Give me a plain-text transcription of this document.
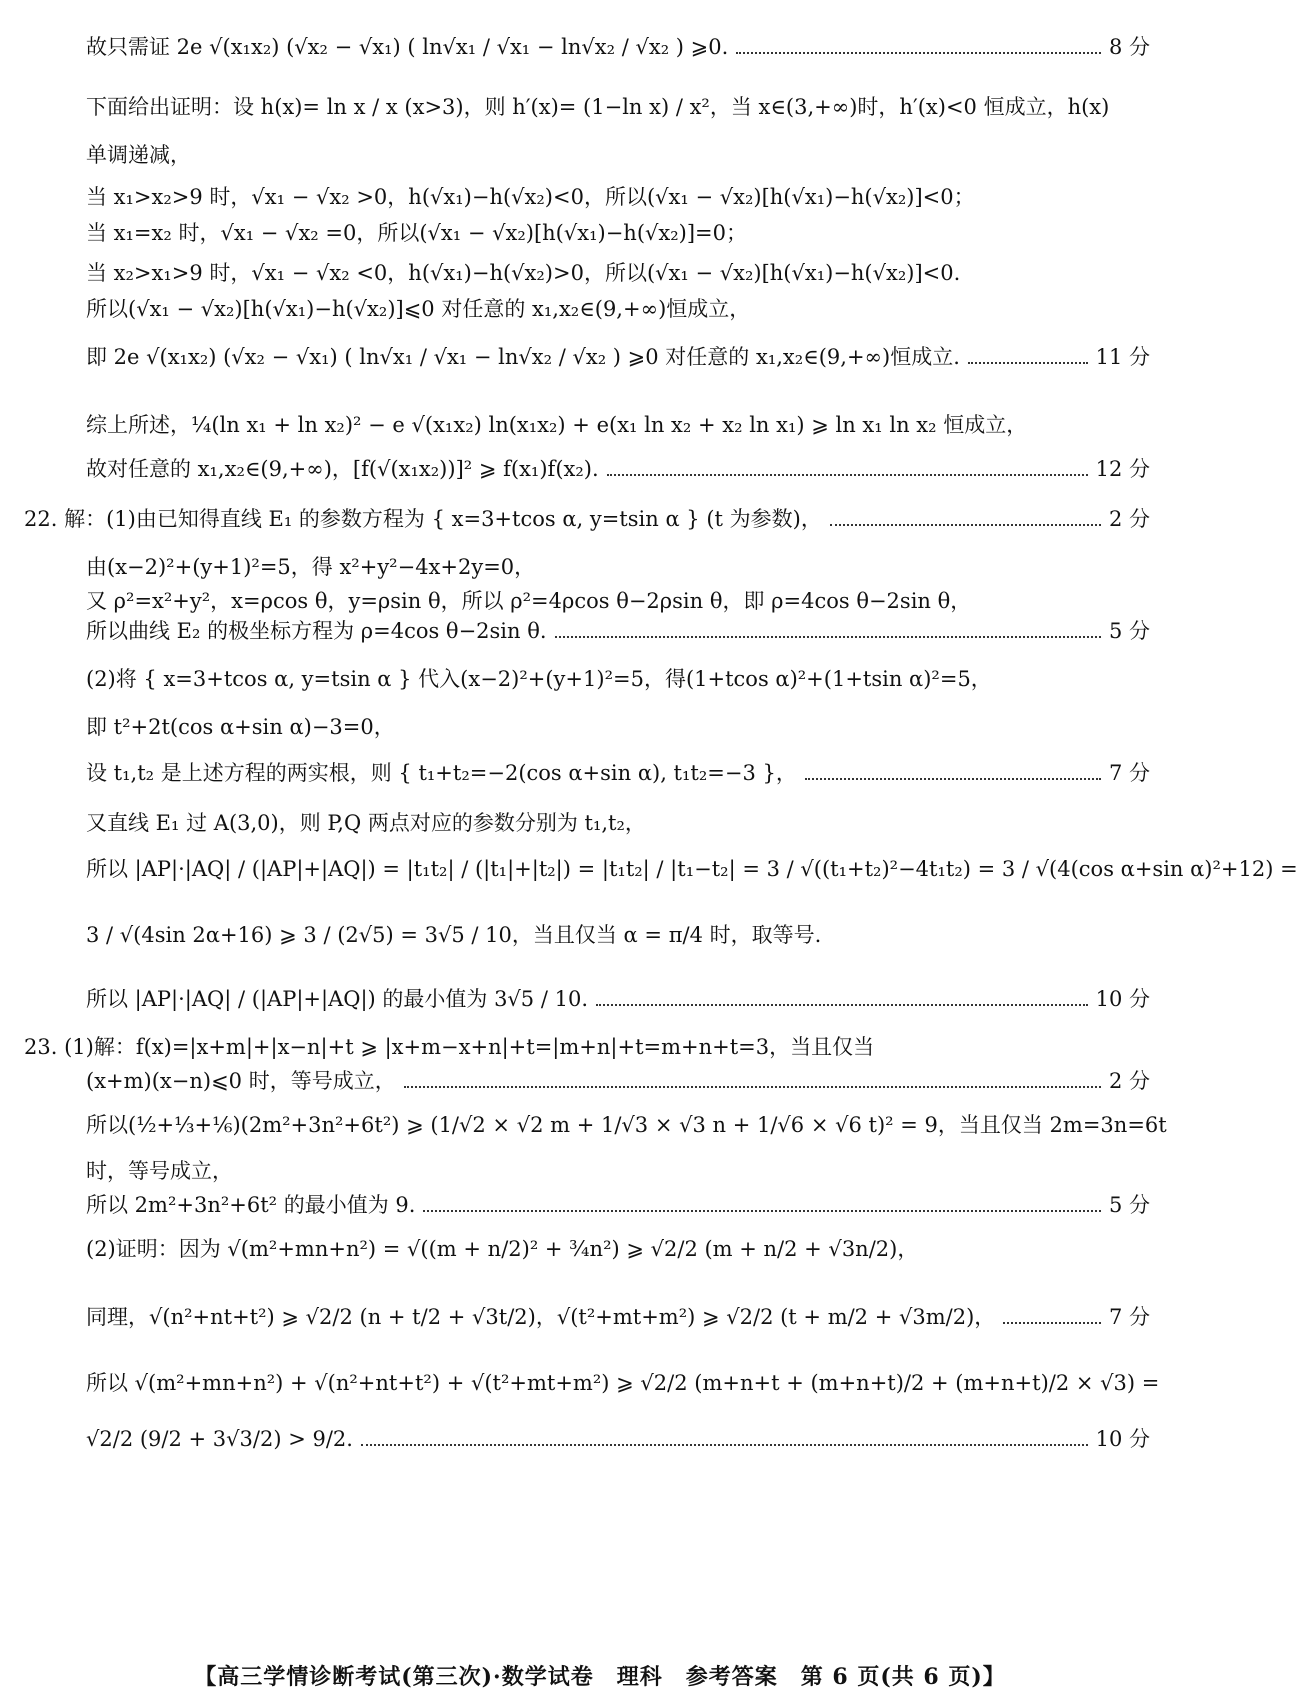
故只需证 2e √(x₁x₂) (√x₂ − √x₁) ( ln√x₁ / √x₁ − ln√x₂ / √x₂ ) ⩾0.	8 分
下面给出证明：设 h(x)= ln x / x (x>3)，则 h′(x)= (1−ln x) / x²，当 x∈(3,+∞)时，h′(x)<0 恒成立，h(x)
单调递减，
当 x₁>x₂>9 时，√x₁ − √x₂ >0，h(√x₁)−h(√x₂)<0，所以(√x₁ − √x₂)[h(√x₁)−h(√x₂)]<0；
当 x₁=x₂ 时，√x₁ − √x₂ =0，所以(√x₁ − √x₂)[h(√x₁)−h(√x₂)]=0；
当 x₂>x₁>9 时，√x₁ − √x₂ <0，h(√x₁)−h(√x₂)>0，所以(√x₁ − √x₂)[h(√x₁)−h(√x₂)]<0.
所以(√x₁ − √x₂)[h(√x₁)−h(√x₂)]⩽0 对任意的 x₁,x₂∈(9,+∞)恒成立，
即 2e √(x₁x₂) (√x₂ − √x₁) ( ln√x₁ / √x₁ − ln√x₂ / √x₂ ) ⩾0 对任意的 x₁,x₂∈(9,+∞)恒成立.	11 分
综上所述，¼(ln x₁ + ln x₂)² − e √(x₁x₂) ln(x₁x₂) + e(x₁ ln x₂ + x₂ ln x₁) ⩾ ln x₁ ln x₂ 恒成立，
故对任意的 x₁,x₂∈(9,+∞)，[f(√(x₁x₂))]² ⩾ f(x₁)f(x₂).	12 分
22. 解：(1)由已知得直线 E₁ 的参数方程为 { x=3+tcos α, y=tsin α } (t 为参数)，	2 分
由(x−2)²+(y+1)²=5，得 x²+y²−4x+2y=0，
又 ρ²=x²+y²，x=ρcos θ，y=ρsin θ，所以 ρ²=4ρcos θ−2ρsin θ，即 ρ=4cos θ−2sin θ，
所以曲线 E₂ 的极坐标方程为 ρ=4cos θ−2sin θ.	5 分
(2)将 { x=3+tcos α, y=tsin α } 代入(x−2)²+(y+1)²=5，得(1+tcos α)²+(1+tsin α)²=5，
即 t²+2t(cos α+sin α)−3=0，
设 t₁,t₂ 是上述方程的两实根，则 { t₁+t₂=−2(cos α+sin α), t₁t₂=−3 }，	7 分
又直线 E₁ 过 A(3,0)，则 P,Q 两点对应的参数分别为 t₁,t₂，
所以 |AP|·|AQ| / (|AP|+|AQ|) = |t₁t₂| / (|t₁|+|t₂|) = |t₁t₂| / |t₁−t₂| = 3 / √((t₁+t₂)²−4t₁t₂) = 3 / √(4(cos α+sin α)²+12) =
3 / √(4sin 2α+16) ⩾ 3 / (2√5) = 3√5 / 10，当且仅当 α = π/4 时，取等号.
所以 |AP|·|AQ| / (|AP|+|AQ|) 的最小值为 3√5 / 10.	10 分
23. (1)解：f(x)=|x+m|+|x−n|+t ⩾ |x+m−x+n|+t=|m+n|+t=m+n+t=3，当且仅当
(x+m)(x−n)⩽0 时，等号成立，	2 分
所以(½+⅓+⅙)(2m²+3n²+6t²) ⩾ (1/√2 × √2 m + 1/√3 × √3 n + 1/√6 × √6 t)² = 9，当且仅当 2m=3n=6t
时，等号成立，
所以 2m²+3n²+6t² 的最小值为 9.	5 分
(2)证明：因为 √(m²+mn+n²) = √((m + n/2)² + ¾n²) ⩾ √2/2 (m + n/2 + √3n/2)，
同理，√(n²+nt+t²) ⩾ √2/2 (n + t/2 + √3t/2)，√(t²+mt+m²) ⩾ √2/2 (t + m/2 + √3m/2)，	7 分
所以 √(m²+mn+n²) + √(n²+nt+t²) + √(t²+mt+m²) ⩾ √2/2 (m+n+t + (m+n+t)/2 + (m+n+t)/2 × √3) =
√2/2 (9/2 + 3√3/2) > 9/2.	10 分
【高三学情诊断考试(第三次)·数学试卷　理科　参考答案　第 6 页(共 6 页)】
